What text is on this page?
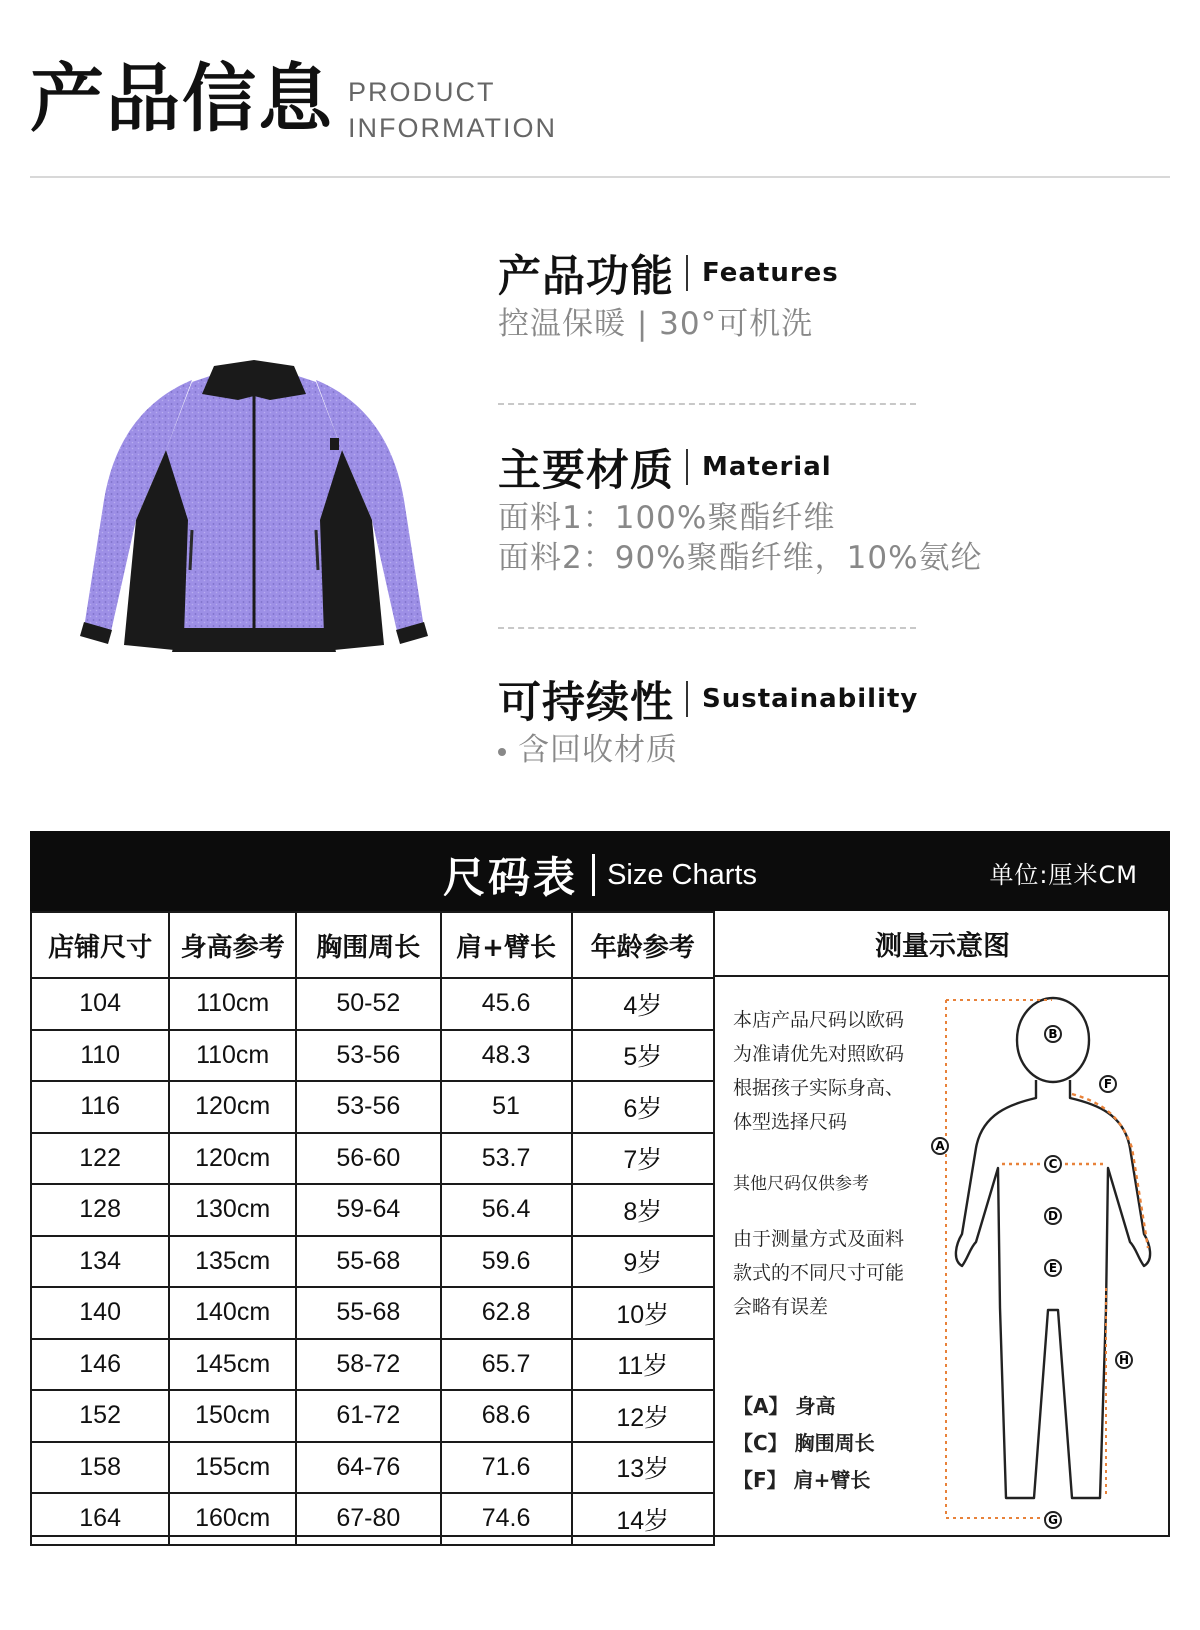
产品信息 PRODUCT
INFORMATION
产品功能 Features
控温保暖 | 30°可机洗
主要材质 Material
面料1：100%聚酯纤维
面料2：90%聚酯纤维，10%氨纶
可持续性 Sustainability
含回收材质
尺码表 Size Charts	单位:厘米CM
店铺尺寸	身高参考	胸围周长	肩+臂长	年龄参考
104	110cm	50-52	45.6	4岁
110	110cm	53-56	48.3	5岁
116	120cm	53-56	51	6岁
122	120cm	56-60	53.7	7岁
128	130cm	59-64	56.4	8岁
134	135cm	55-68	59.6	9岁
140	140cm	55-68	62.8	10岁
146	145cm	58-72	65.7	11岁
152	150cm	61-72	68.6	12岁
158	155cm	64-76	71.6	13岁
164	160cm	67-80	74.6	14岁
测量示意图
本店产品尺码以欧码
为准请优先对照欧码
根据孩子实际身高、
体型选择尺码
其他尺码仅供参考
由于测量方式及面料
款式的不同尺寸可能
会略有误差
【A】 身高
【C】 胸围周长
【F】 肩+臂长
A
B
C
D
E
F
G
H
